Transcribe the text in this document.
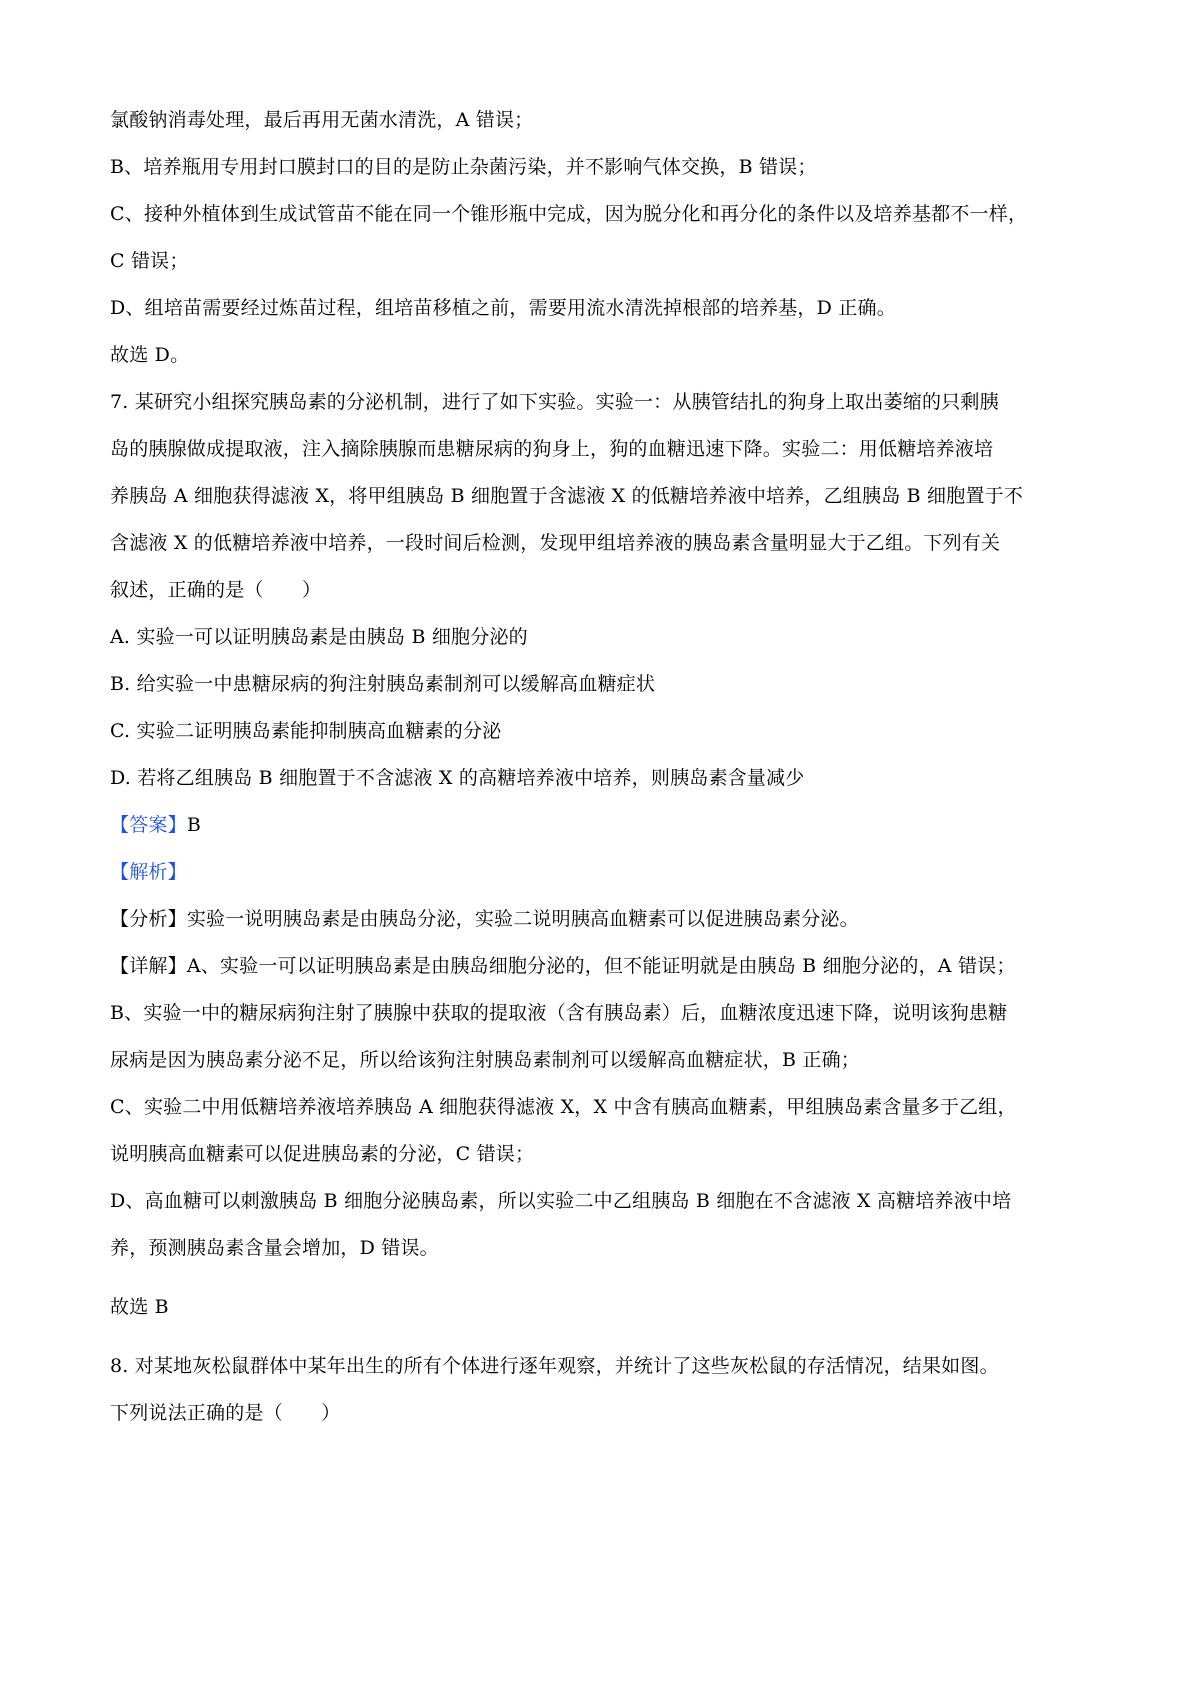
氯酸钠消毒处理，最后再用无菌水清洗，A 错误；
B、培养瓶用专用封口膜封口的目的是防止杂菌污染，并不影响气体交换，B 错误；
C、接种外植体到生成试管苗不能在同一个锥形瓶中完成，因为脱分化和再分化的条件以及培养基都不一样，
C 错误；
D、组培苗需要经过炼苗过程，组培苗移植之前，需要用流水清洗掉根部的培养基，D 正确。
故选 D。
7. 某研究小组探究胰岛素的分泌机制，进行了如下实验。实验一：从胰管结扎的狗身上取出萎缩的只剩胰
岛的胰腺做成提取液，注入摘除胰腺而患糖尿病的狗身上，狗的血糖迅速下降。实验二：用低糖培养液培
养胰岛 A 细胞获得滤液 X，将甲组胰岛 B 细胞置于含滤液 X 的低糖培养液中培养，乙组胰岛 B 细胞置于不
含滤液 X 的低糖培养液中培养，一段时间后检测，发现甲组培养液的胰岛素含量明显大于乙组。下列有关
叙述，正确的是（　　）
A. 实验一可以证明胰岛素是由胰岛 B 细胞分泌的
B. 给实验一中患糖尿病的狗注射胰岛素制剂可以缓解高血糖症状
C. 实验二证明胰岛素能抑制胰高血糖素的分泌
D. 若将乙组胰岛 B 细胞置于不含滤液 X 的高糖培养液中培养，则胰岛素含量减少
【答案】B
【解析】
【分析】实验一说明胰岛素是由胰岛分泌，实验二说明胰高血糖素可以促进胰岛素分泌。
【详解】A、实验一可以证明胰岛素是由胰岛细胞分泌的，但不能证明就是由胰岛 B 细胞分泌的，A 错误；
B、实验一中的糖尿病狗注射了胰腺中获取的提取液（含有胰岛素）后，血糖浓度迅速下降，说明该狗患糖
尿病是因为胰岛素分泌不足，所以给该狗注射胰岛素制剂可以缓解高血糖症状，B 正确；
C、实验二中用低糖培养液培养胰岛 A 细胞获得滤液 X，X 中含有胰高血糖素，甲组胰岛素含量多于乙组，
说明胰高血糖素可以促进胰岛素的分泌，C 错误；
D、高血糖可以刺激胰岛 B 细胞分泌胰岛素，所以实验二中乙组胰岛 B 细胞在不含滤液 X 高糖培养液中培
养，预测胰岛素含量会增加，D 错误。
故选 B
8. 对某地灰松鼠群体中某年出生的所有个体进行逐年观察，并统计了这些灰松鼠的存活情况，结果如图。
下列说法正确的是（　　）
